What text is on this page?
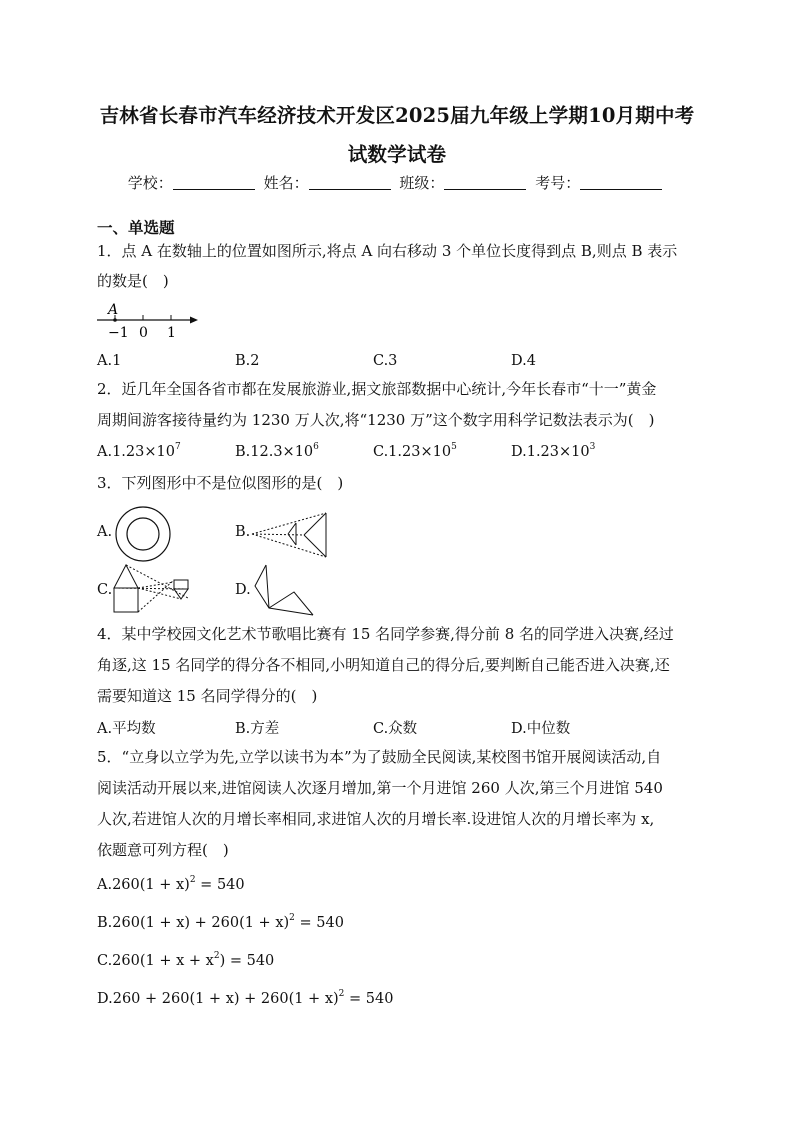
吉林省长春市汽车经济技术开发区2025届九年级上学期10月期中考
试数学试卷
学校：	姓名：	班级：	考号：
一、单选题
1．点 A 在数轴上的位置如图所示,将点 A 向右移动 3 个单位长度得到点 B,则点 B 表示
的数是(　)
A
−1 0 1
A.1	B.2	C.3	D.4
2．近几年全国各省市都在发展旅游业,据文旅部数据中心统计,今年长春市“十一”黄金
周期间游客接待量约为 1230 万人次,将“1230 万”这个数字用科学记数法表示为(　)
$A.1.23\times 10^7$	$B.12.3\times 10^6$	$C.1.23\times 10^5$	$D.1.23\times 10^3$
3．下列图形中不是位似图形的是(　)
A.	B.
C.	D.
4．某中学校园文化艺术节歌唱比赛有 15 名同学参赛,得分前 8 名的同学进入决赛,经过
角逐,这 15 名同学的得分各不相同,小明知道自己的得分后,要判断自己能否进入决赛,还
需要知道这 15 名同学得分的(　)
A.平均数	B.方差	C.众数	D.中位数
5．“立身以立学为先,立学以读书为本”为了鼓励全民阅读,某校图书馆开展阅读活动,自
阅读活动开展以来,进馆阅读人次逐月增加,第一个月进馆 260 人次,第三个月进馆 540
人次,若进馆人次的月增长率相同,求进馆人次的月增长率.设进馆人次的月增长率为 x,
依题意可列方程(　)
$A.260(1 + x)^2 = 540$
$B.260(1 + x) + 260(1 + x)^2 = 540$
$C.260(1 + x + x^2) = 540$
$D.260 + 260(1 + x) + 260(1 + x)^2 = 540$
